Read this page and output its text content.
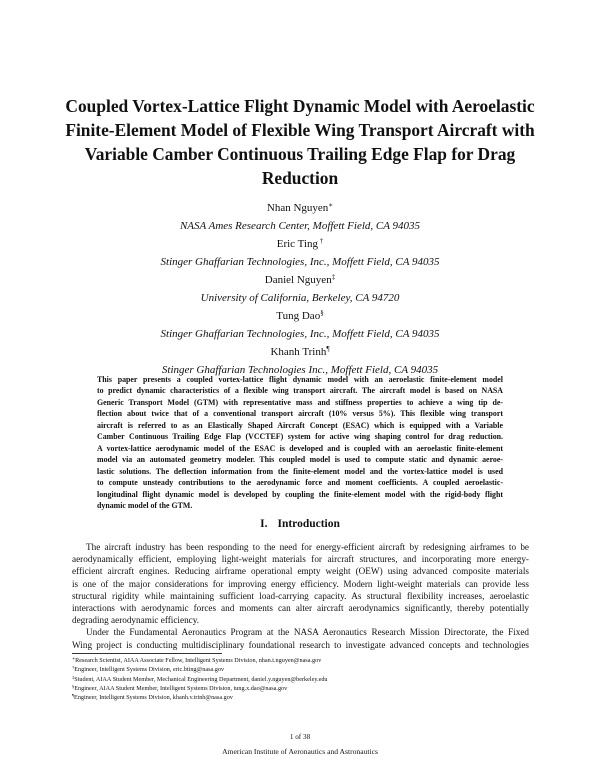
Coupled Vortex-Lattice Flight Dynamic Model with Aeroelastic
Finite-Element Model of Flexible Wing Transport Aircraft with
Variable Camber Continuous Trailing Edge Flap for Drag
Reduction
Nhan Nguyen∗
NASA Ames Research Center, Moffett Field, CA 94035
Eric Ting †
Stinger Ghaffarian Technologies, Inc., Moffett Field, CA 94035
Daniel Nguyen‡
University of California, Berkeley, CA 94720
Tung Dao§
Stinger Ghaffarian Technologies, Inc., Moffett Field, CA 94035
Khanh Trinh¶
Stinger Ghaffarian Technologies Inc., Moffett Field, CA 94035
This paper presents a coupled vortex-lattice flight dynamic model with an aeroelastic finite-element model
to predict dynamic characteristics of a flexible wing transport aircraft. The aircraft model is based on NASA
Generic Transport Model (GTM) with representative mass and stiffness properties to achieve a wing tip de-
flection about twice that of a conventional transport aircraft (10% versus 5%). This flexible wing transport
aircraft is referred to as an Elastically Shaped Aircraft Concept (ESAC) which is equipped with a Variable
Camber Continuous Trailing Edge Flap (VCCTEF) system for active wing shaping control for drag reduction.
A vortex-lattice aerodynamic model of the ESAC is developed and is coupled with an aeroelastic finite-element
model via an automated geometry modeler. This coupled model is used to compute static and dynamic aeroe-
lastic solutions. The deflection information from the finite-element model and the vortex-lattice model is used
to compute unsteady contributions to the aerodynamic force and moment coefficients. A coupled aeroelastic-
longitudinal flight dynamic model is developed by coupling the finite-element model with the rigid-body flight
dynamic model of the GTM.
I. Introduction
The aircraft industry has been responding to the need for energy-efficient aircraft by redesigning airframes to be
aerodynamically efficient, employing light-weight materials for aircraft structures, and incorporating more energy-
efficient aircraft engines. Reducing airframe operational empty weight (OEW) using advanced composite materials
is one of the major considerations for improving energy efficiency. Modern light-weight materials can provide less
structural rigidity while maintaining sufficient load-carrying capacity. As structural flexibility increases, aeroelastic
interactions with aerodynamic forces and moments can alter aircraft aerodynamics significantly, thereby potentially
degrading aerodynamic efficiency.
Under the Fundamental Aeronautics Program at the NASA Aeronautics Research Mission Directorate, the Fixed
Wing project is conducting multidisciplinary foundational research to investigate advanced concepts and technologies
∗Research Scientist, AIAA Associate Fellow, Intelligent Systems Division, nhan.t.nguyen@nasa.gov
†Engineer, Intelligent Systems Division, eric.bting@nasa.gov
‡Student, AIAA Student Member, Mechanical Engineering Department, daniel.y.nguyen@berkeley.edu
§Engineer, AIAA Student Member, Intelligent Systems Division, tung.x.dao@nasa.gov
¶Engineer, Intelligent Systems Division, khanh.v.trinh@nasa.gov
1 of 38
American Institute of Aeronautics and Astronautics
